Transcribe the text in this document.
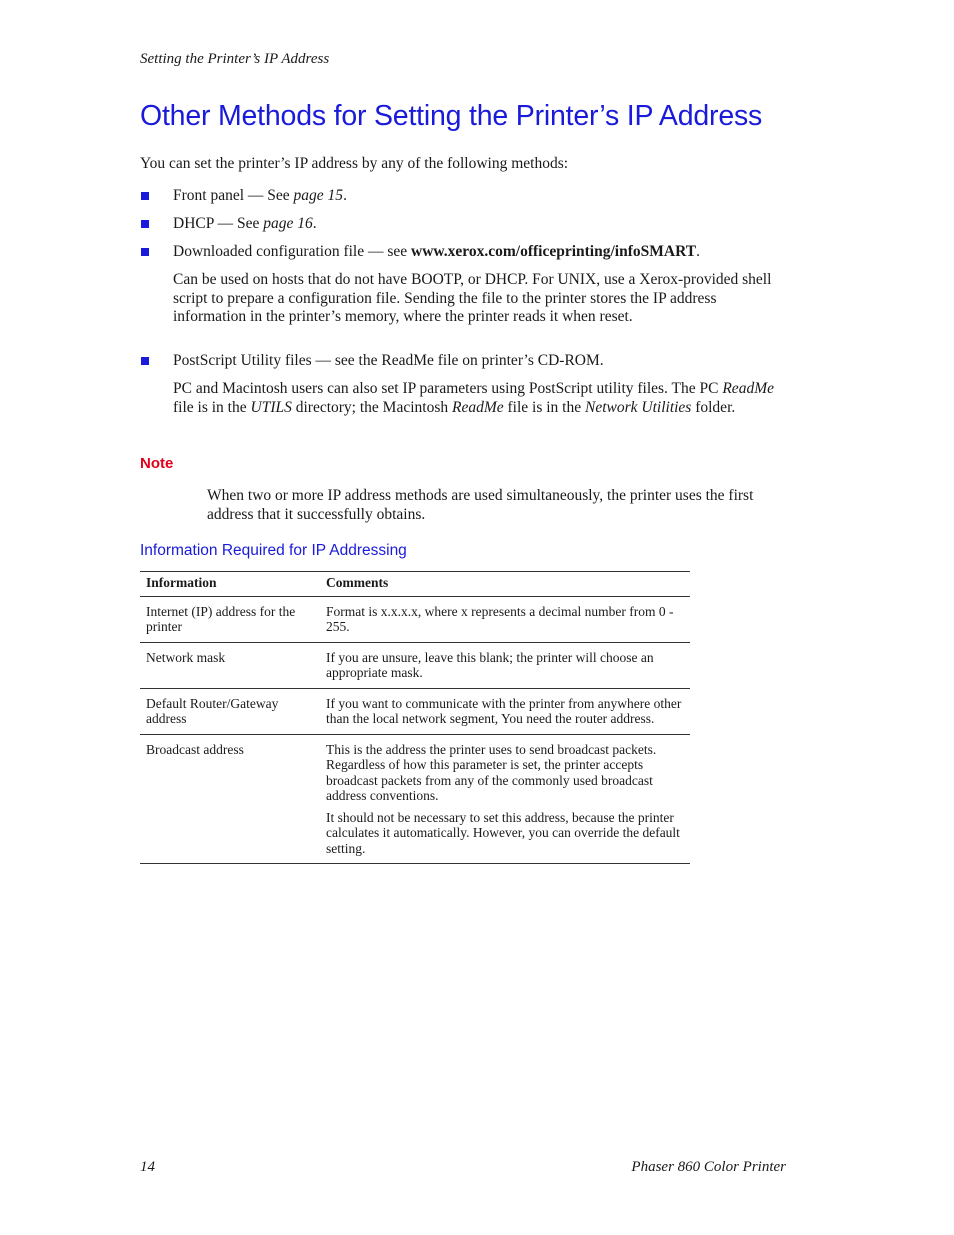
Setting the Printer’s IP Address
Other Methods for Setting the Printer’s IP Address
You can set the printer’s IP address by any of the following methods:
Front panel — See page 15.
DHCP — See page 16.
Downloaded configuration file — see www.xerox.com/officeprinting/infoSMART.
Can be used on hosts that do not have BOOTP, or DHCP. For UNIX, use a Xerox-provided shell script to prepare a configuration file. Sending the file to the printer stores the IP address information in the printer’s memory, where the printer reads it when reset.
PostScript Utility files — see the ReadMe file on printer’s CD-ROM.
PC and Macintosh users can also set IP parameters using PostScript utility files. The PC ReadMe file is in the UTILS directory; the Macintosh ReadMe file is in the Network Utilities folder.
Note
When two or more IP address methods are used simultaneously, the printer uses the first address that it successfully obtains.
Information Required for IP Addressing
Information	Comments
Internet (IP) address for the printer	Format is x.x.x.x, where x represents a decimal number from 0 - 255.

Network mask	If you are unsure, leave this blank; the printer will choose an appropriate mask.

Default Router/Gateway address	If you want to communicate with the printer from anywhere other than the local network segment, You need the router address.

Broadcast address	This is the address the printer uses to send broadcast packets. Regardless of how this parameter is set, the printer accepts broadcast packets from any of the commonly used broadcast address conventions.

It should not be necessary to set this address, because the printer calculates it automatically. However, you can override the default setting.

14	Phaser 860 Color Printer
